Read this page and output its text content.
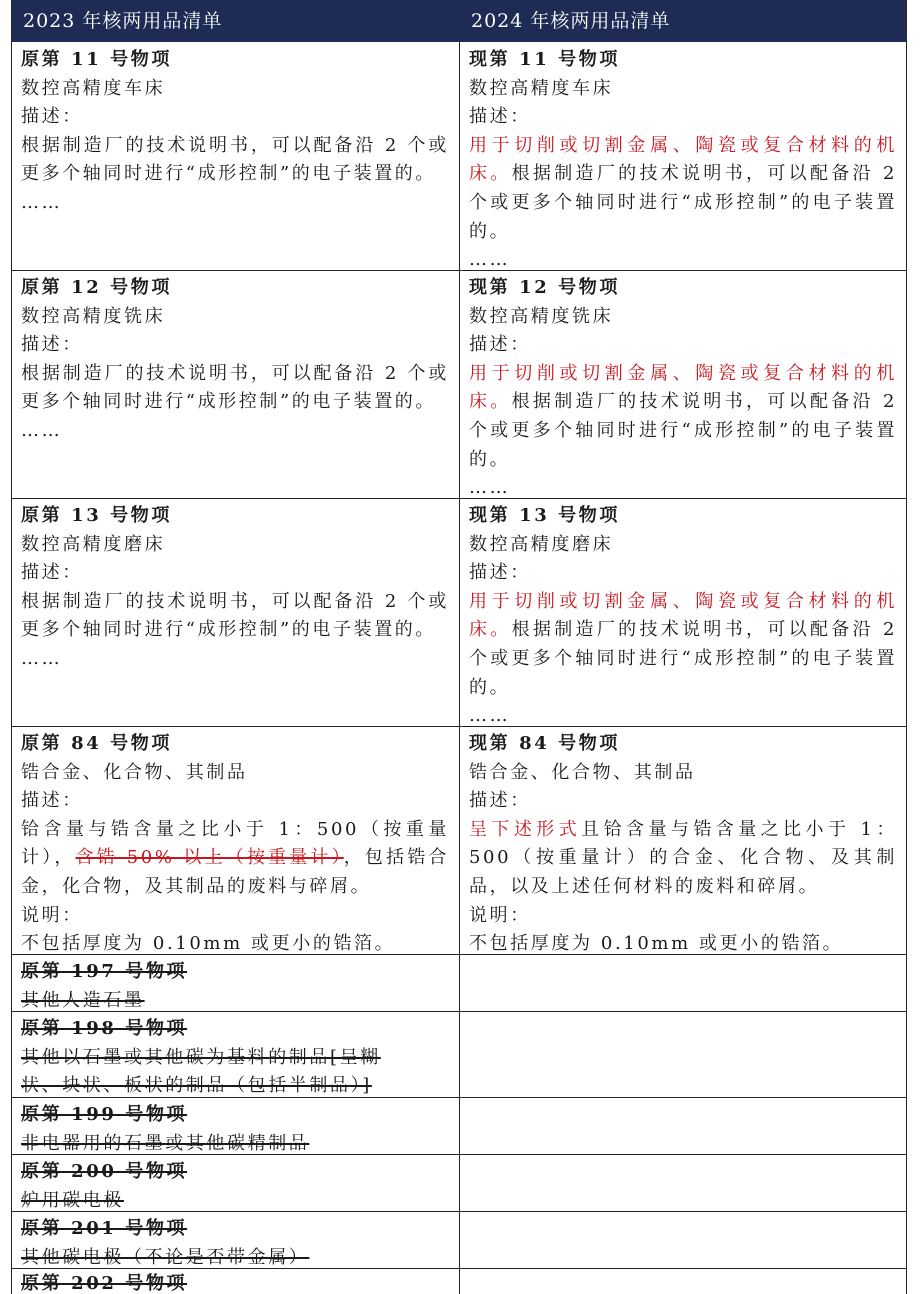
2023 年核两用品清单	2024 年核两用品清单
原第 11 号物项
数控高精度车床
描述：
根据制造厂的技术说明书，可以配备沿 2 个或更多个轴同时进行“成形控制”的电子装置的。
……
现第 11 号物项
数控高精度车床
描述：
用于切削或切割金属、陶瓷或复合材料的机床。根据制造厂的技术说明书，可以配备沿 2 个或更多个轴同时进行“成形控制”的电子装置的。
……
原第 12 号物项
数控高精度铣床
描述：
根据制造厂的技术说明书，可以配备沿 2 个或更多个轴同时进行“成形控制”的电子装置的。
……
现第 12 号物项
数控高精度铣床
描述：
用于切削或切割金属、陶瓷或复合材料的机床。根据制造厂的技术说明书，可以配备沿 2 个或更多个轴同时进行“成形控制”的电子装置的。
……
原第 13 号物项
数控高精度磨床
描述：
根据制造厂的技术说明书，可以配备沿 2 个或更多个轴同时进行“成形控制”的电子装置的。
……
现第 13 号物项
数控高精度磨床
描述：
用于切削或切割金属、陶瓷或复合材料的机床。根据制造厂的技术说明书，可以配备沿 2 个或更多个轴同时进行“成形控制”的电子装置的。
……
原第 84 号物项
锆合金、化合物、其制品
描述：
铪含量与锆含量之比小于 1：500（按重量计），含锆 50% 以上（按重量计），包括锆合金，化合物，及其制品的废料与碎屑。
说明：
不包括厚度为 0.10mm 或更小的锆箔。
现第 84 号物项
锆合金、化合物、其制品
描述：
呈下述形式且铪含量与锆含量之比小于 1：500（按重量计）的合金、化合物、及其制品，以及上述任何材料的废料和碎屑。
说明：
不包括厚度为 0.10mm 或更小的锆箔。
原第 197 号物项
其他人造石墨
原第 198 号物项
其他以石墨或其他碳为基料的制品[呈糊
状、块状、板状的制品（包括半制品）]
原第 199 号物项
非电器用的石墨或其他碳精制品
原第 200 号物项
炉用碳电极
原第 201 号物项
其他碳电极（不论是否带金属）
原第 202 号物项
